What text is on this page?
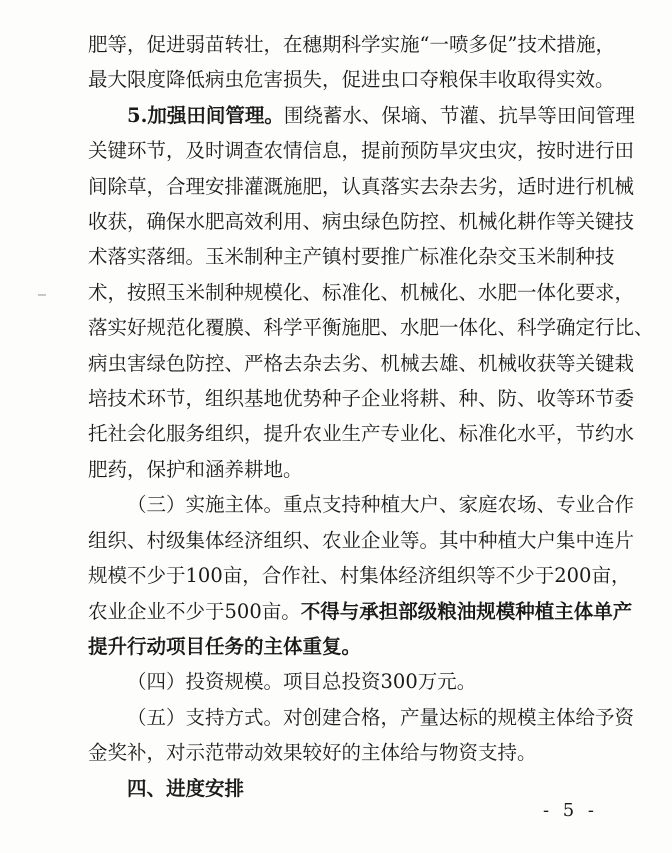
肥等，促进弱苗转壮，在穗期科学实施“一喷多促”技术措施，
最大限度降低病虫危害损失，促进虫口夺粮保丰收取得实效。

5.加强田间管理。围绕蓄水、保墒、节灌、抗旱等田间管理
关键环节，及时调查农情信息，提前预防旱灾虫灾，按时进行田
间除草，合理安排灌溉施肥，认真落实去杂去劣，适时进行机械
收获，确保水肥高效利用、病虫绿色防控、机械化耕作等关键技
术落实落细。玉米制种主产镇村要推广标准化杂交玉米制种技
术，按照玉米制种规模化、标准化、机械化、水肥一体化要求，
落实好规范化覆膜、科学平衡施肥、水肥一体化、科学确定行比、
病虫害绿色防控、严格去杂去劣、机械去雄、机械收获等关键栽
培技术环节，组织基地优势种子企业将耕、种、防、收等环节委
托社会化服务组织，提升农业生产专业化、标准化水平，节约水
肥药，保护和涵养耕地。

（三）实施主体。重点支持种植大户、家庭农场、专业合作
组织、村级集体经济组织、农业企业等。其中种植大户集中连片
规模不少于100亩，合作社、村集体经济组织等不少于200亩，
农业企业不少于500亩。不得与承担部级粮油规模种植主体单产
提升行动项目任务的主体重复。

（四）投资规模。项目总投资300万元。

（五）支持方式。对创建合格，产量达标的规模主体给予资
金奖补，对示范带动效果较好的主体给与物资支持。

四、进度安排

- 5 -
